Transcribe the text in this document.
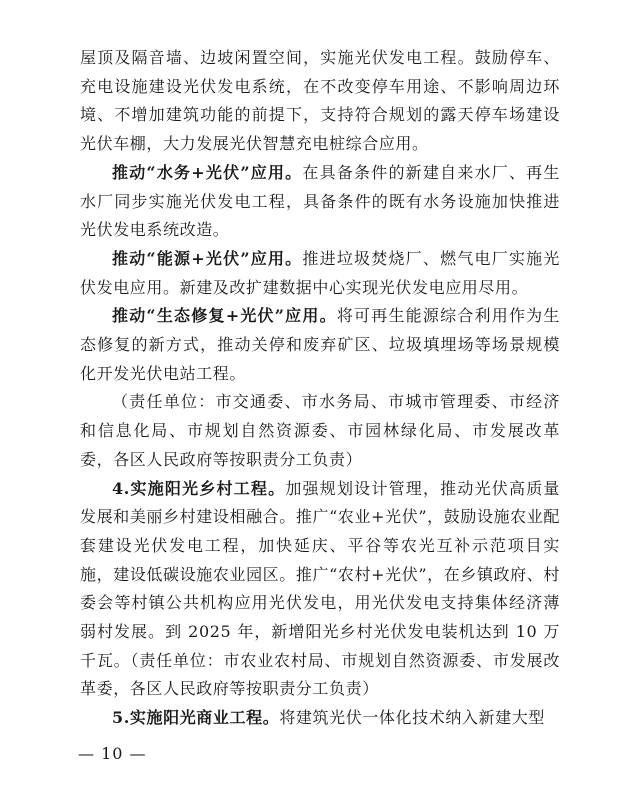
屋顶及隔音墙、边坡闲置空间，实施光伏发电工程。鼓励停车、充电设施建设光伏发电系统，在不改变停车用途、不影响周边环境、不增加建筑功能的前提下，支持符合规划的露天停车场建设光伏车棚，大力发展光伏智慧充电桩综合应用。

推动“水务+光伏”应用。在具备条件的新建自来水厂、再生水厂同步实施光伏发电工程，具备条件的既有水务设施加快推进光伏发电系统改造。

推动“能源+光伏”应用。推进垃圾焚烧厂、燃气电厂实施光伏发电应用。新建及改扩建数据中心实现光伏发电应用尽用。

推动“生态修复+光伏”应用。将可再生能源综合利用作为生态修复的新方式，推动关停和废弃矿区、垃圾填埋场等场景规模化开发光伏电站工程。

（责任单位：市交通委、市水务局、市城市管理委、市经济和信息化局、市规划自然资源委、市园林绿化局、市发展改革委，各区人民政府等按职责分工负责）

4.实施阳光乡村工程。加强规划设计管理，推动光伏高质量发展和美丽乡村建设相融合。推广“农业+光伏”，鼓励设施农业配套建设光伏发电工程，加快延庆、平谷等农光互补示范项目实施，建设低碳设施农业园区。推广“农村+光伏”，在乡镇政府、村委会等村镇公共机构应用光伏发电，用光伏发电支持集体经济薄弱村发展。到 2025 年，新增阳光乡村光伏发电装机达到 10 万千瓦。（责任单位：市农业农村局、市规划自然资源委、市发展改革委，各区人民政府等按职责分工负责）

5.实施阳光商业工程。将建筑光伏一体化技术纳入新建大型

— 10 —
